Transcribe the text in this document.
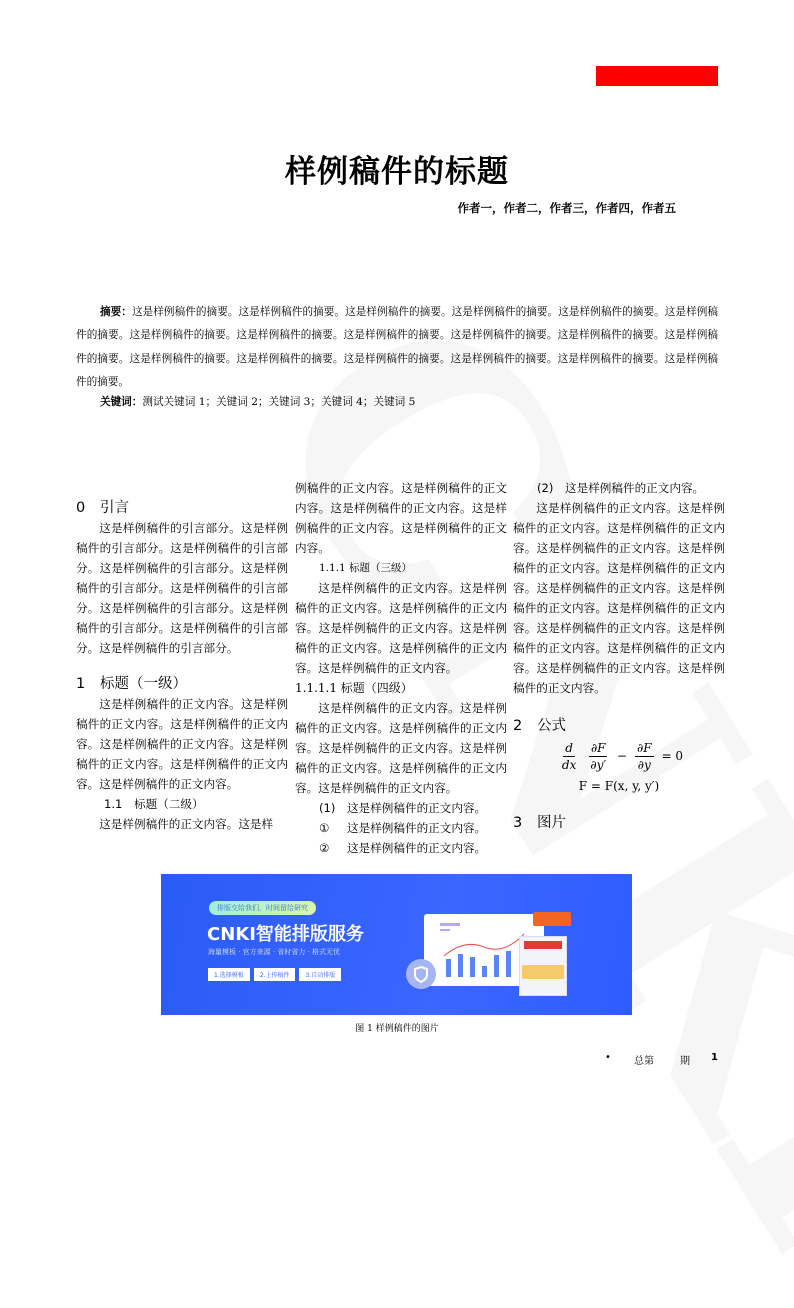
样例稿件的标题
作者一，作者二，作者三，作者四，作者五
摘要：这是样例稿件的摘要。这是样例稿件的摘要。这是样例稿件的摘要。这是样例稿件的摘要。这是样例稿件的摘要。这是样例稿件的摘要。这是样例稿件的摘要。这是样例稿件的摘要。这是样例稿件的摘要。这是样例稿件的摘要。这是样例稿件的摘要。这是样例稿件的摘要。这是样例稿件的摘要。这是样例稿件的摘要。这是样例稿件的摘要。这是样例稿件的摘要。这是样例稿件的摘要。这是样例稿件的摘要。
关键词：测试关键词 1；关键词 2；关键词 3；关键词 4；关键词 5
0 引言
这是样例稿件的引言部分。这是样例稿件的引言部分。这是样例稿件的引言部分。这是样例稿件的引言部分。这是样例稿件的引言部分。这是样例稿件的引言部分。这是样例稿件的引言部分。这是样例稿件的引言部分。这是样例稿件的引言部分。这是样例稿件的引言部分。
1 标题（一级）
这是样例稿件的正文内容。这是样例稿件的正文内容。这是样例稿件的正文内容。这是样例稿件的正文内容。这是样例稿件的正文内容。这是样例稿件的正文内容。这是样例稿件的正文内容。
1.1　标题（二级）
这是样例稿件的正文内容。这是样
例稿件的正文内容。这是样例稿件的正文内容。这是样例稿件的正文内容。这是样例稿件的正文内容。这是样例稿件的正文内容。
1.1.1 标题（三级）
这是样例稿件的正文内容。这是样例稿件的正文内容。这是样例稿件的正文内容。这是样例稿件的正文内容。这是样例稿件的正文内容。这是样例稿件的正文内容。这是样例稿件的正文内容。
1.1.1.1 标题（四级）
这是样例稿件的正文内容。这是样例稿件的正文内容。这是样例稿件的正文内容。这是样例稿件的正文内容。这是样例稿件的正文内容。这是样例稿件的正文内容。这是样例稿件的正文内容。
(1) 这是样例稿件的正文内容。
① 这是样例稿件的正文内容。
② 这是样例稿件的正文内容。
(2) 这是样例稿件的正文内容。
这是样例稿件的正文内容。这是样例稿件的正文内容。这是样例稿件的正文内容。这是样例稿件的正文内容。这是样例稿件的正文内容。这是样例稿件的正文内容。这是样例稿件的正文内容。这是样例稿件的正文内容。这是样例稿件的正文内容。这是样例稿件的正文内容。这是样例稿件的正文内容。这是样例稿件的正文内容。这是样例稿件的正文内容。这是样例稿件的正文内容。
2 公式
$\frac{d}{dx} \frac{\partial F}{\partial y'} - \frac{\partial F}{\partial y} = 0$
F = F(x, y, y′)
3 图片
排版交给我们，时间留给研究
CNKI智能排版服务
海量模板 · 官方来源 · 省时省力 · 格式无忧
1.选择模板	2.上传稿件	3.自动排版
图 1 样例稿件的图片
• 总第	期 1
